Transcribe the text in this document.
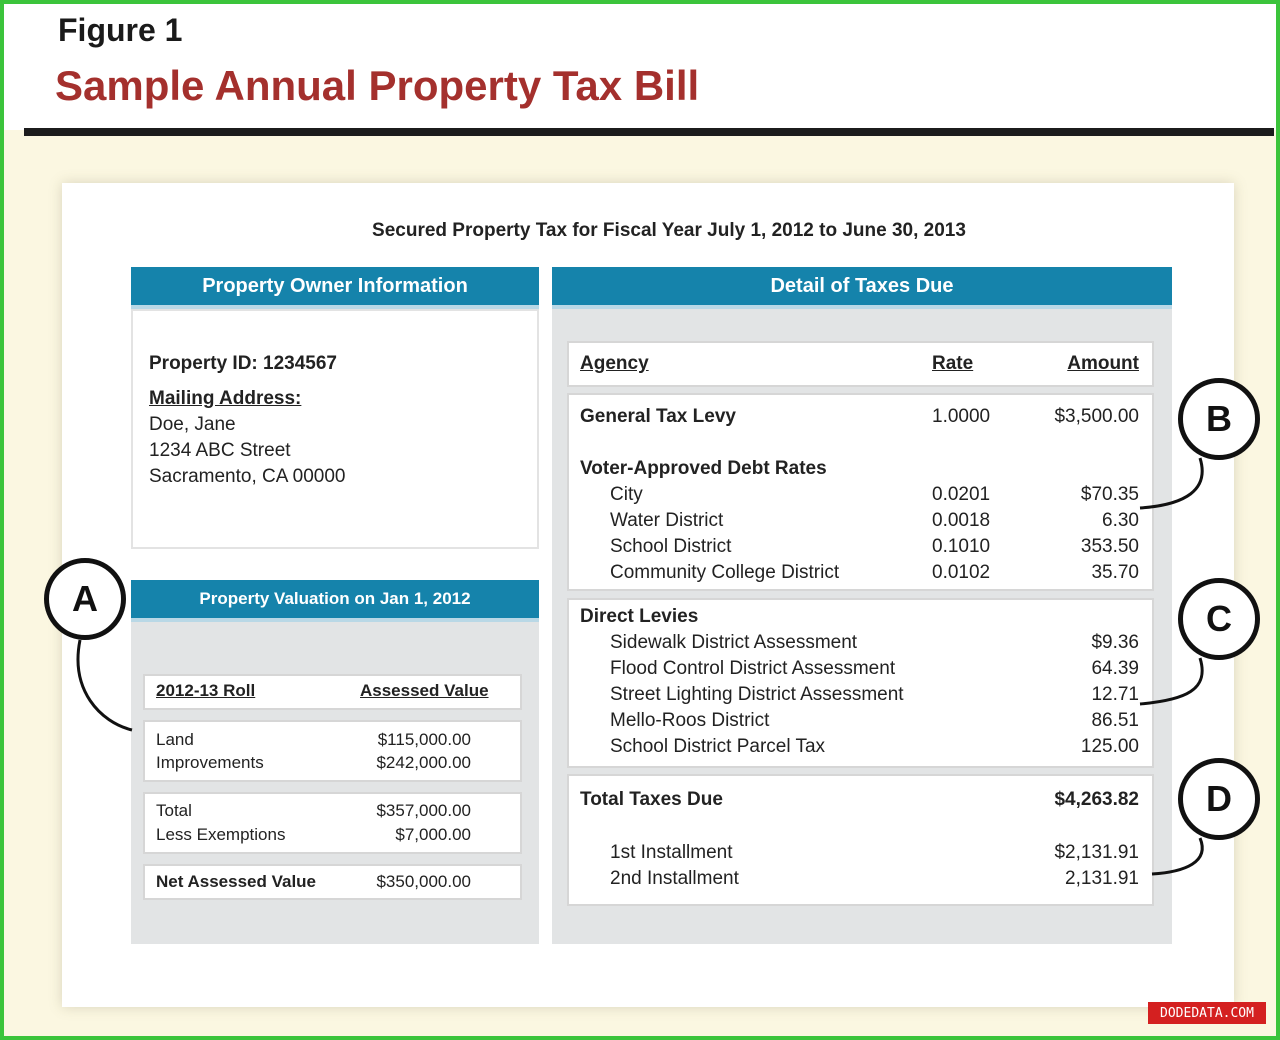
Figure 1
Sample Annual Property Tax Bill
Secured Property Tax for Fiscal Year July 1, 2012 to June 30, 2013
Property Owner Information
Property ID: 1234567
Mailing Address:
Doe, Jane
1234 ABC Street
Sacramento, CA 00000
Property Valuation on Jan 1, 2012
2012-13 Roll	Assessed Value
Land	$115,000.00
Improvements	$242,000.00
Total	$357,000.00
Less Exemptions	$7,000.00
Net Assessed Value	$350,000.00
Detail of Taxes Due
Agency	Rate	Amount
General Tax Levy	1.0000	$3,500.00
Voter-Approved Debt Rates
City	0.0201	$70.35
Water District	0.0018	6.30
School District	0.1010	353.50
Community College District	0.0102	35.70
Direct Levies
Sidewalk District Assessment	$9.36
Flood Control District Assessment	64.39
Street Lighting District Assessment	12.71
Mello-Roos District	86.51
School District Parcel Tax	125.00
Total Taxes Due	$4,263.82
1st Installment	$2,131.91
2nd Installment	2,131.91
A
B
C
D
DODEDATA.COM
